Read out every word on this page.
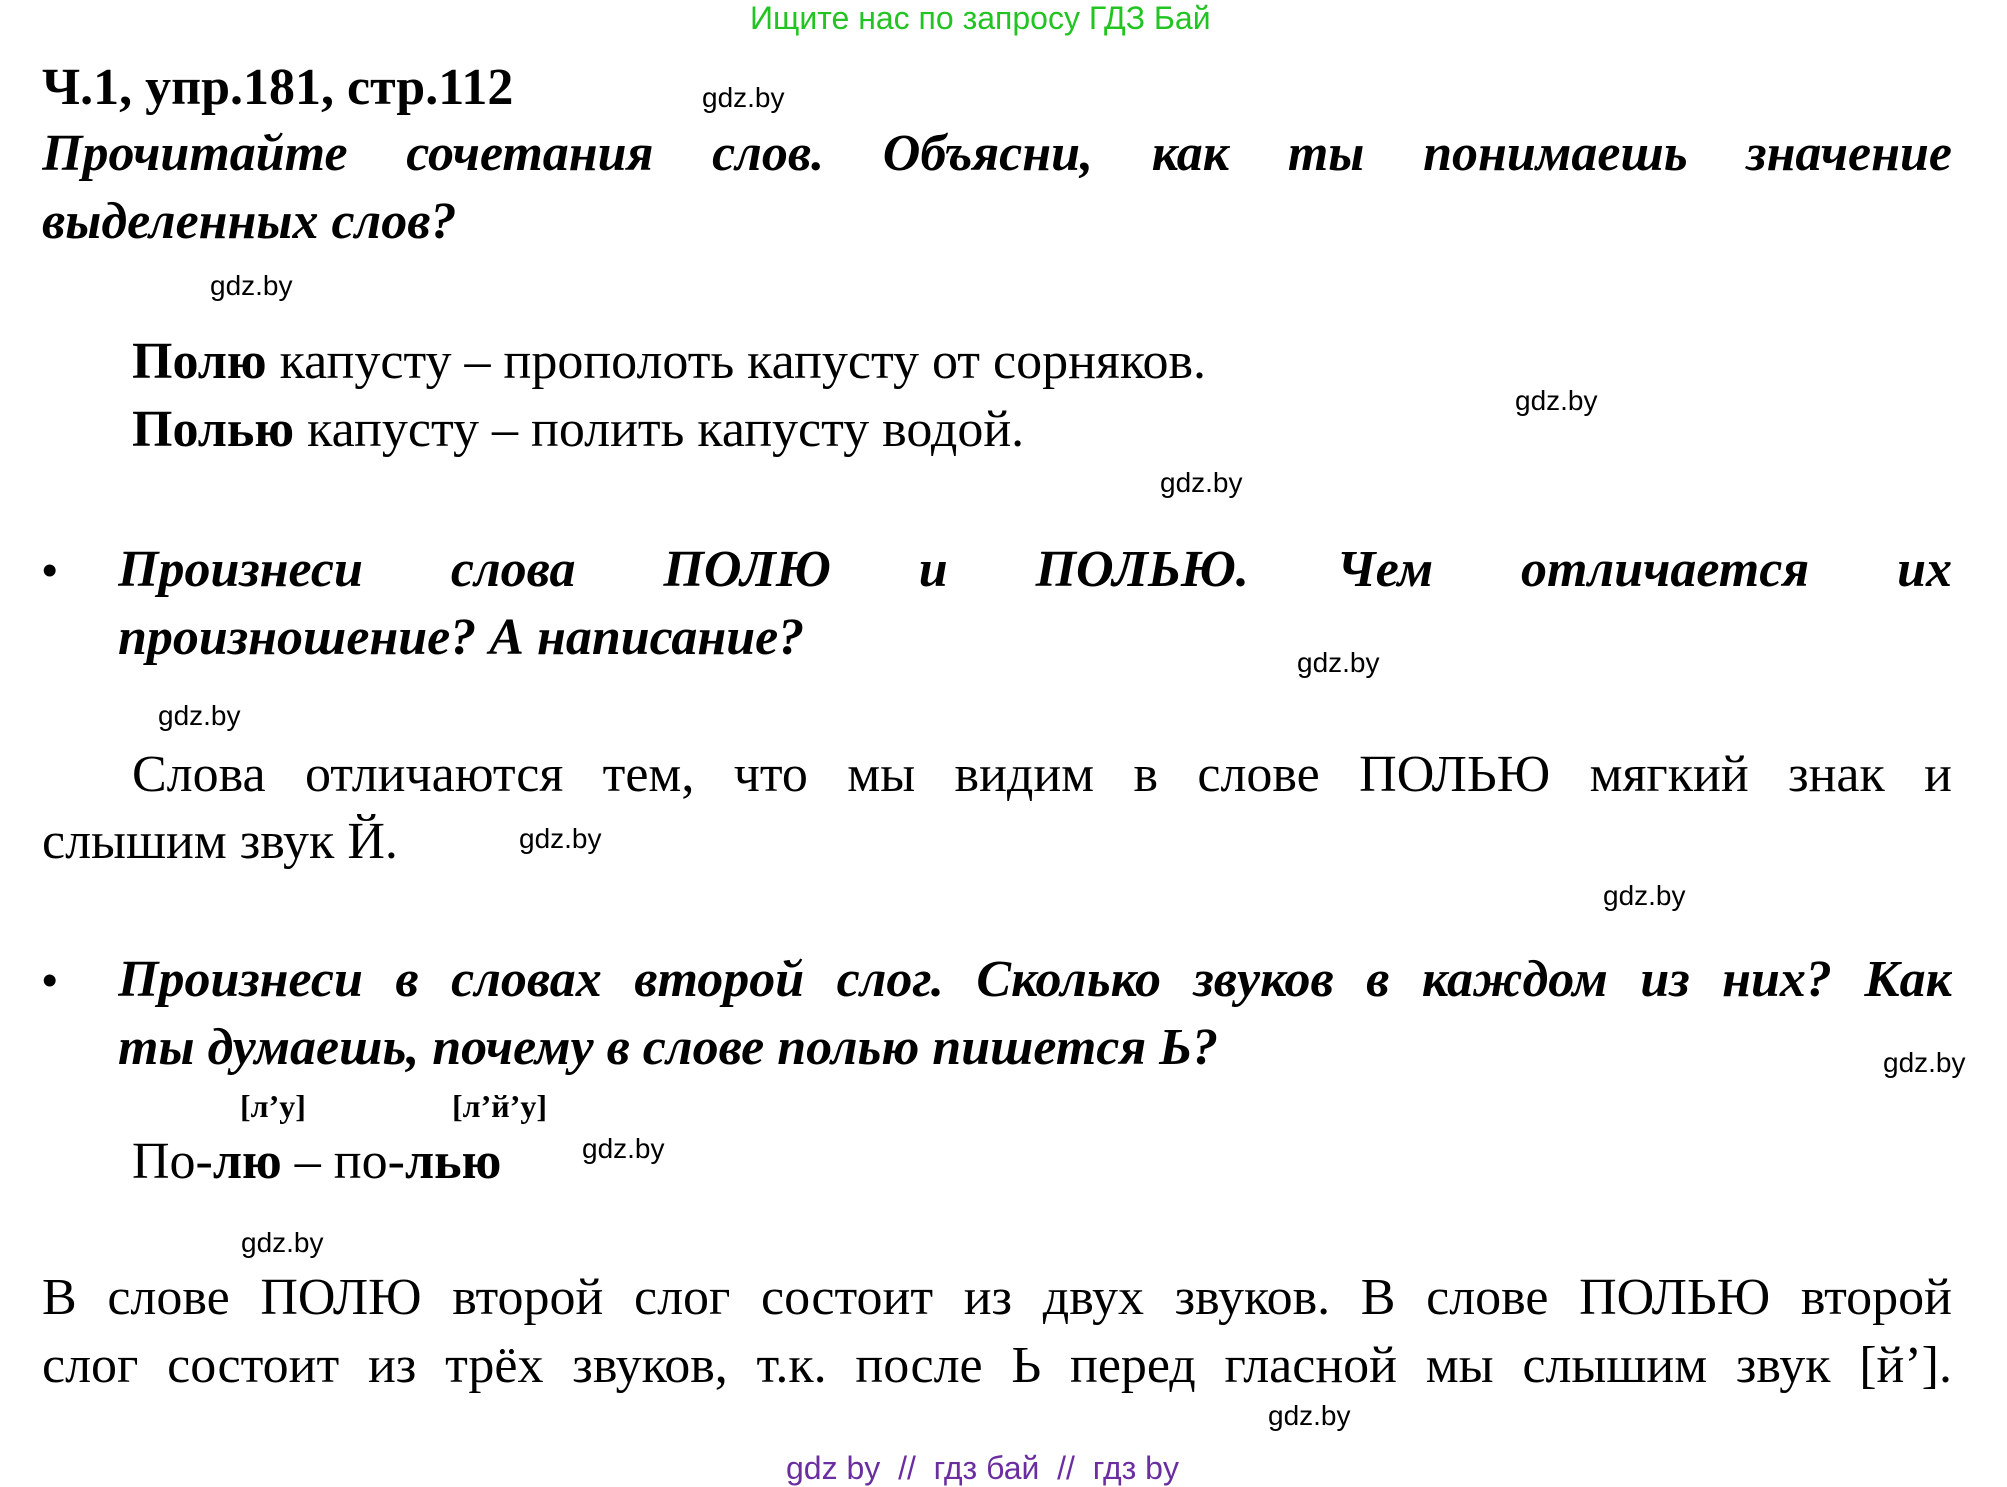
Ищите нас по запросу ГДЗ Бай
Ч.1, упр.181, стр.112	gdz.by
Прочитайте сочетания слов. Объясни, как ты понимаешь значение
выделенных слов?
gdz.by
Полю капусту – прополоть капусту от сорняков.
gdz.by
Полью капусту – полить капусту водой.
gdz.by
• Произнеси слова ПОЛЮ и ПОЛЬЮ. Чем отличается их
произношение? А написание?	gdz.by
gdz.by
Слова отличаются тем, что мы видим в слове ПОЛЬЮ мягкий знак и
слышим звук Й.	gdz.by
gdz.by
• Произнеси в словах второй слог. Сколько звуков в каждом из них? Как
ты думаешь, почему в слове полью пишется Ь?	gdz.by
[л’у]	[л’й’у]
По-лю – по-лью	gdz.by
gdz.by
В слове ПОЛЮ второй слог состоит из двух звуков. В слове ПОЛЬЮ второй
слог состоит из трёх звуков, т.к. после Ь перед гласной мы слышим звук [й’].
gdz.by
gdz by  //  гдз бай  //  гдз by
